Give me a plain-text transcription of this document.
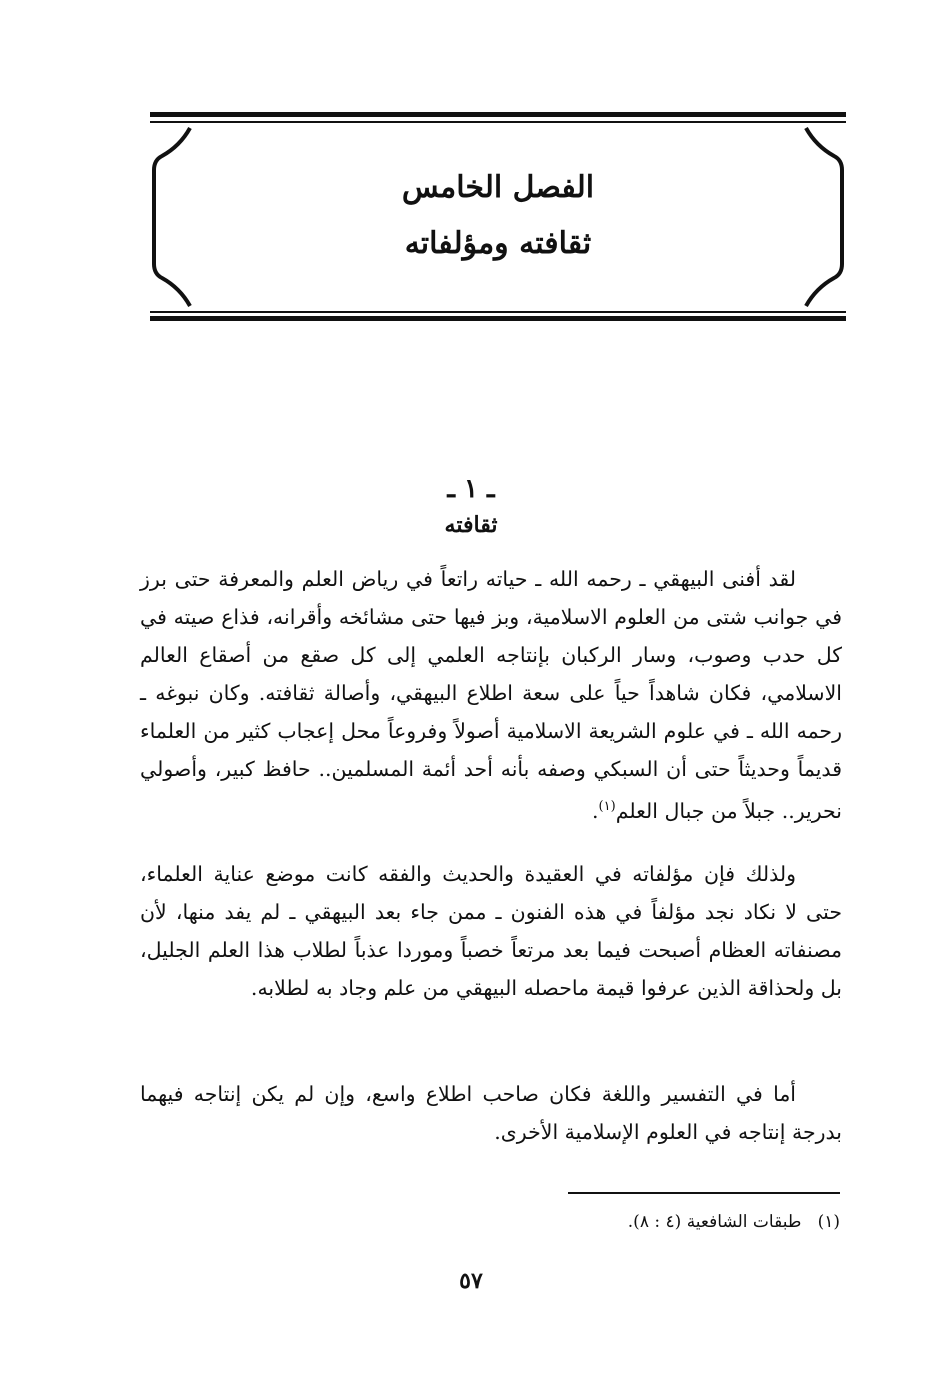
الفصل الخامس
ثقافته ومؤلفاته
ـ ١ ـ
ثقافته
لقد أفنى البيهقي ـ رحمه الله ـ حياته راتعاً في رياض العلم والمعرفة حتى برز في جوانب شتى من العلوم الاسلامية، وبز فيها حتى مشائخه وأقرانه، فذاع صيته في كل حدب وصوب، وسار الركبان بإنتاجه العلمي إلى كل صقع من أصقاع العالم الاسلامي، فكان شاهداً حياً على سعة اطلاع البيهقي، وأصالة ثقافته. وكان نبوغه ـ رحمه الله ـ في علوم الشريعة الاسلامية أصولاً وفروعاً محل إعجاب كثير من العلماء قديماً وحديثاً حتى أن السبكي وصفه بأنه أحد أئمة المسلمين.. حافظ كبير، وأصولي نحرير.. جبلاً من جبال العلم$^{(١)}$.
ولذلك فإن مؤلفاته في العقيدة والحديث والفقه كانت موضع عناية العلماء، حتى لا نكاد نجد مؤلفاً في هذه الفنون ـ ممن جاء بعد البيهقي ـ لم يفد منها، لأن مصنفاته العظام أصبحت فيما بعد مرتعاً خصباً وموردا عذباً لطلاب هذا العلم الجليل، بل ولحذاقة الذين عرفوا قيمة ماحصله البيهقي من علم وجاد به لطلابه.
أما في التفسير واللغة فكان صاحب اطلاع واسع، وإن لم يكن إنتاجه فيهما بدرجة إنتاجه في العلوم الإسلامية الأخرى.
(١)   طبقات الشافعية (٤ : ٨).
٥٧
